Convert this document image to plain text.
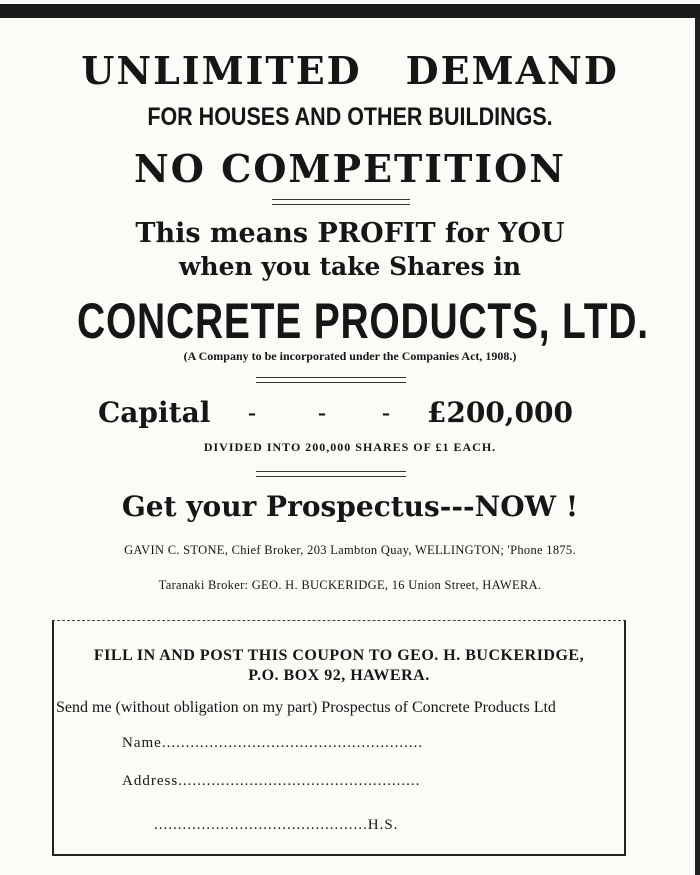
UNLIMITED DEMAND

FOR HOUSES AND OTHER BUILDINGS.

NO COMPETITION

This means PROFIT for YOU

when you take Shares in

CONCRETE PRODUCTS, LTD.

(A Company to be incorporated under the Companies Act, 1908.)

Capital -	- - £200,000

DIVIDED INTO 200,000 SHARES OF £1 EACH.

Get your Prospectus---NOW !

GAVIN C. STONE, Chief Broker, 203 Lambton Quay, WELLINGTON; 'Phone 1875.

Taranaki Broker: GEO. H. BUCKERIDGE, 16 Union Street, HAWERA.

FILL IN AND POST THIS COUPON TO GEO. H. BUCKERIDGE,

P.O. BOX 92, HAWERA.

Send me (without obligation on my part) Prospectus of Concrete Products Ltd

Name.......................................................
Address...................................................
.............................................H.S.
